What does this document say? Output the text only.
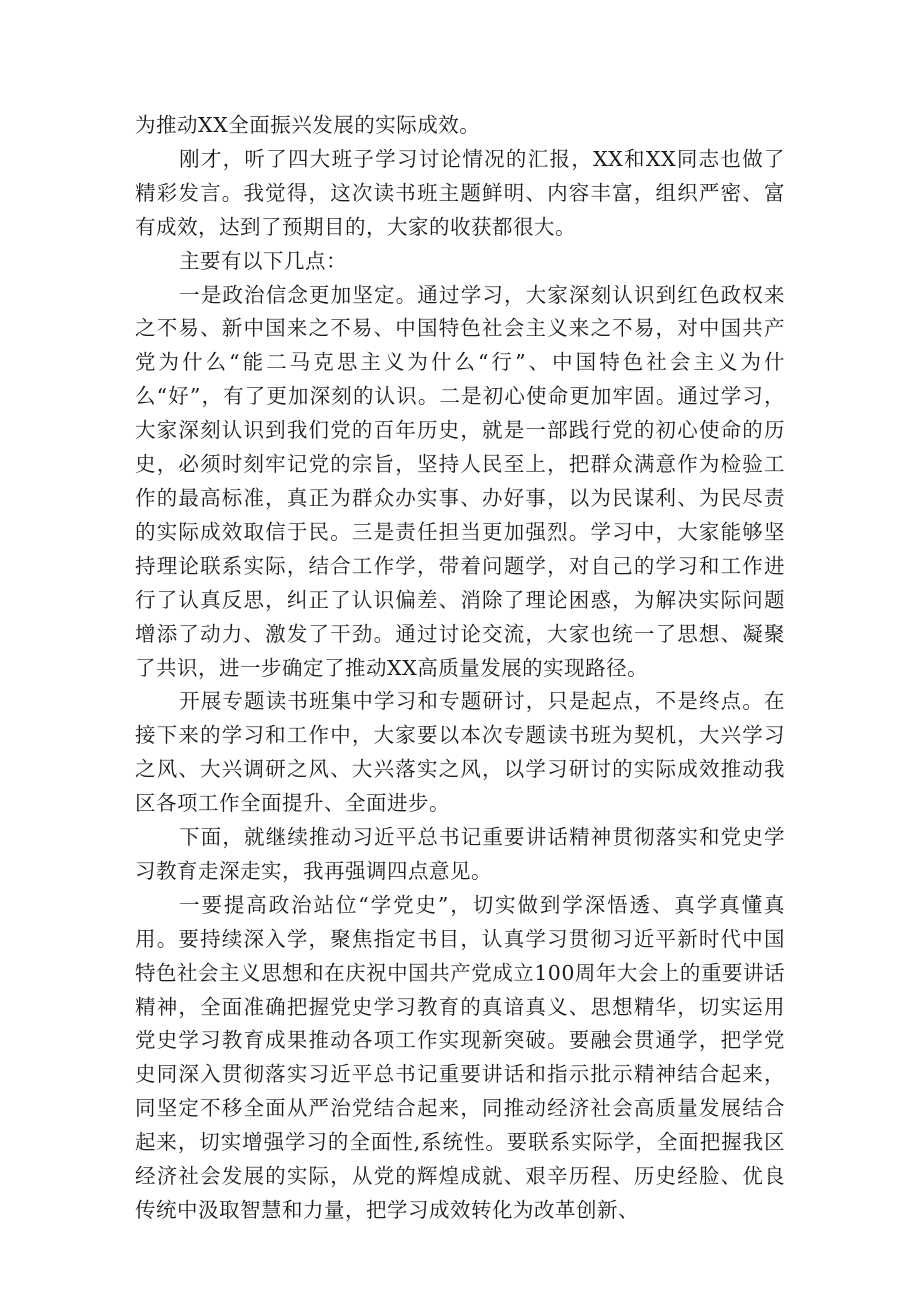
为推动XX全面振兴发展的实际成效。

刚才，听了四大班子学习讨论情况的汇报，XX和XX同志也做了精彩发言。我觉得，这次读书班主题鲜明、内容丰富，组织严密、富有成效，达到了预期目的，大家的收获都很大。

主要有以下几点：

一是政治信念更加坚定。通过学习，大家深刻认识到红色政权来之不易、新中国来之不易、中国特色社会主义来之不易，对中国共产党为什么“能二马克思主义为什么“行”、中国特色社会主义为什么“好”，有了更加深刻的认识。二是初心使命更加牢固。通过学习，大家深刻认识到我们党的百年历史，就是一部践行党的初心使命的历史，必须时刻牢记党的宗旨，坚持人民至上，把群众满意作为检验工作的最高标准，真正为群众办实事、办好事，以为民谋利、为民尽责的实际成效取信于民。三是责任担当更加强烈。学习中，大家能够坚持理论联系实际，结合工作学，带着问题学，对自己的学习和工作进行了认真反思，纠正了认识偏差、消除了理论困惑，为解决实际问题增添了动力、激发了干劲。通过讨论交流，大家也统一了思想、凝聚了共识，进一步确定了推动XX高质量发展的实现路径。

开展专题读书班集中学习和专题研讨，只是起点，不是终点。在接下来的学习和工作中，大家要以本次专题读书班为契机，大兴学习之风、大兴调研之风、大兴落实之风，以学习研讨的实际成效推动我区各项工作全面提升、全面进步。

下面，就继续推动习近平总书记重要讲话精神贯彻落实和党史学习教育走深走实，我再强调四点意见。

一要提高政治站位“学党史”，切实做到学深悟透、真学真懂真用。要持续深入学，聚焦指定书目，认真学习贯彻习近平新时代中国特色社会主义思想和在庆祝中国共产党成立100周年大会上的重要讲话精神，全面准确把握党史学习教育的真谙真义、思想精华，切实运用党史学习教育成果推动各项工作实现新突破。要融会贯通学，把学党史同深入贯彻落实习近平总书记重要讲话和指示批示精神结合起来，同坚定不移全面从严治党结合起来，同推动经济社会高质量发展结合起来，切实增强学习的全面性,系统性。要联系实际学，全面把握我区经济社会发展的实际，从党的辉煌成就、艰辛历程、历史经脸、优良传统中汲取智慧和力量，把学习成效转化为改革创新、
